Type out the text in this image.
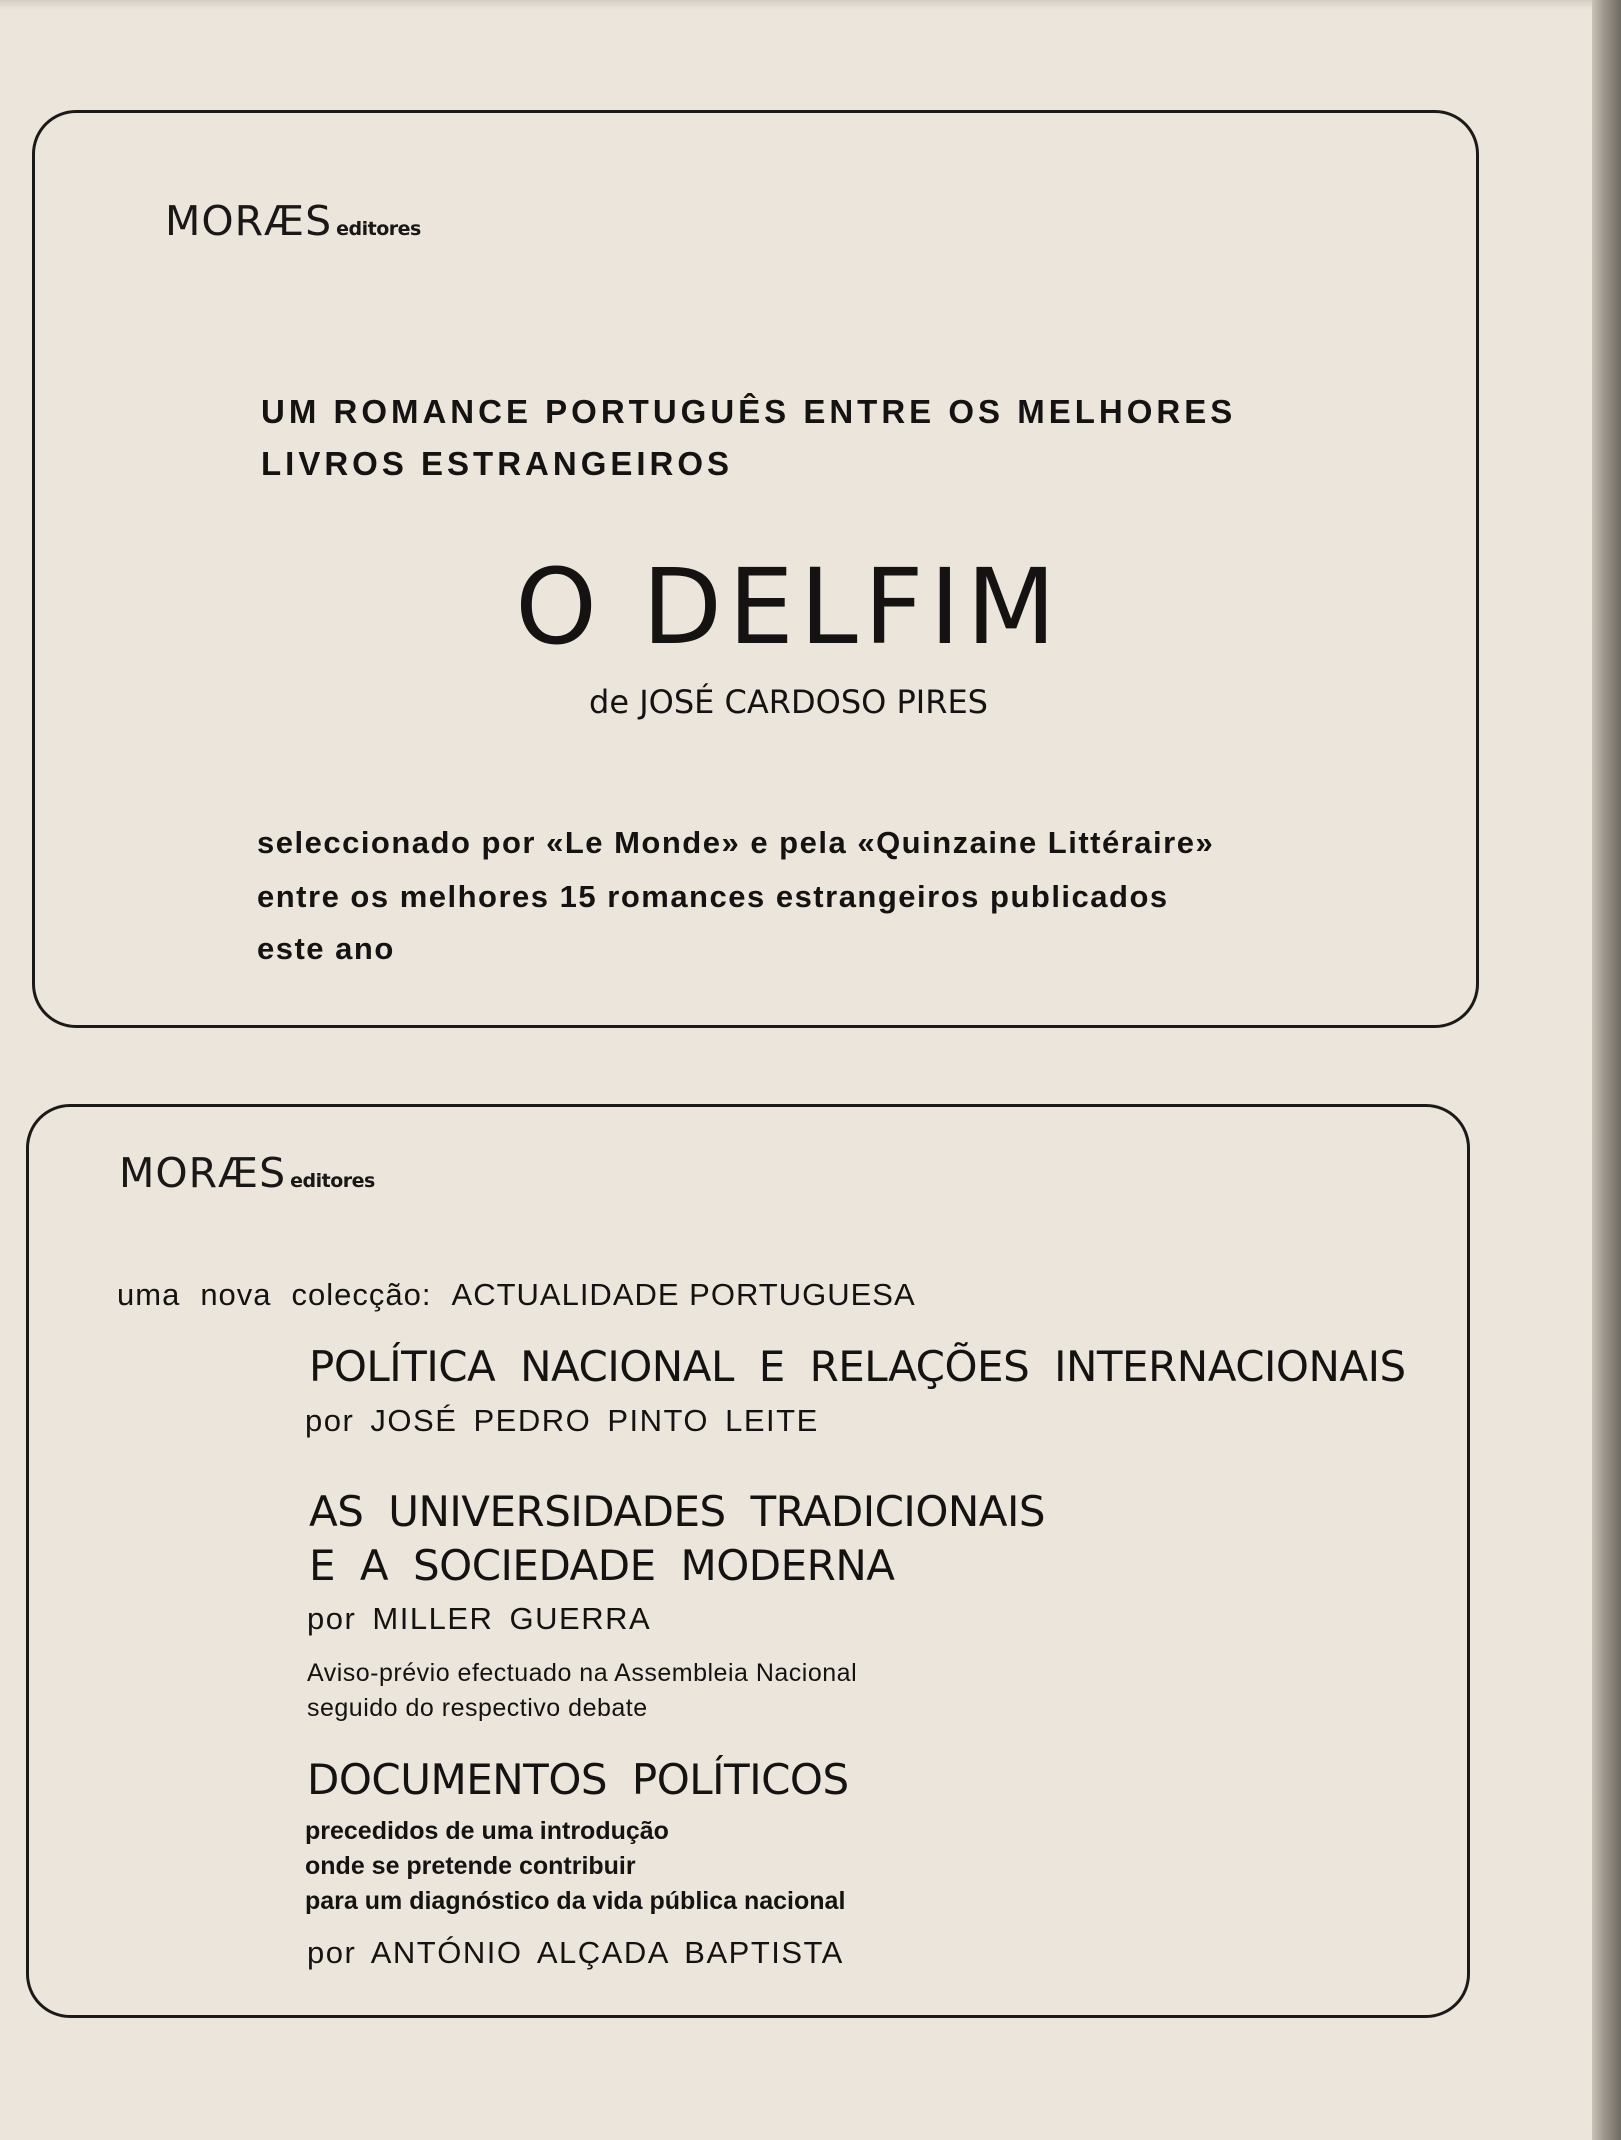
MORÆS editores
UM ROMANCE PORTUGUÊS ENTRE OS MELHORES
LIVROS ESTRANGEIROS
O DELFIM
de JOSÉ CARDOSO PIRES
seleccionado por «Le Monde» e pela «Quinzaine Littéraire»
entre os melhores 15 romances estrangeiros publicados
este ano
MORÆS editores
uma nova colecção: ACTUALIDADE PORTUGUESA
POLÍTICA NACIONAL E RELAÇÕES INTERNACIONAIS
por JOSÉ PEDRO PINTO LEITE
AS UNIVERSIDADES TRADICIONAIS
E A SOCIEDADE MODERNA
por MILLER GUERRA
Aviso-prévio efectuado na Assembleia Nacional
seguido do respectivo debate
DOCUMENTOS POLÍTICOS
precedidos de uma introdução
onde se pretende contribuir
para um diagnóstico da vida pública nacional
por ANTÓNIO ALÇADA BAPTISTA
